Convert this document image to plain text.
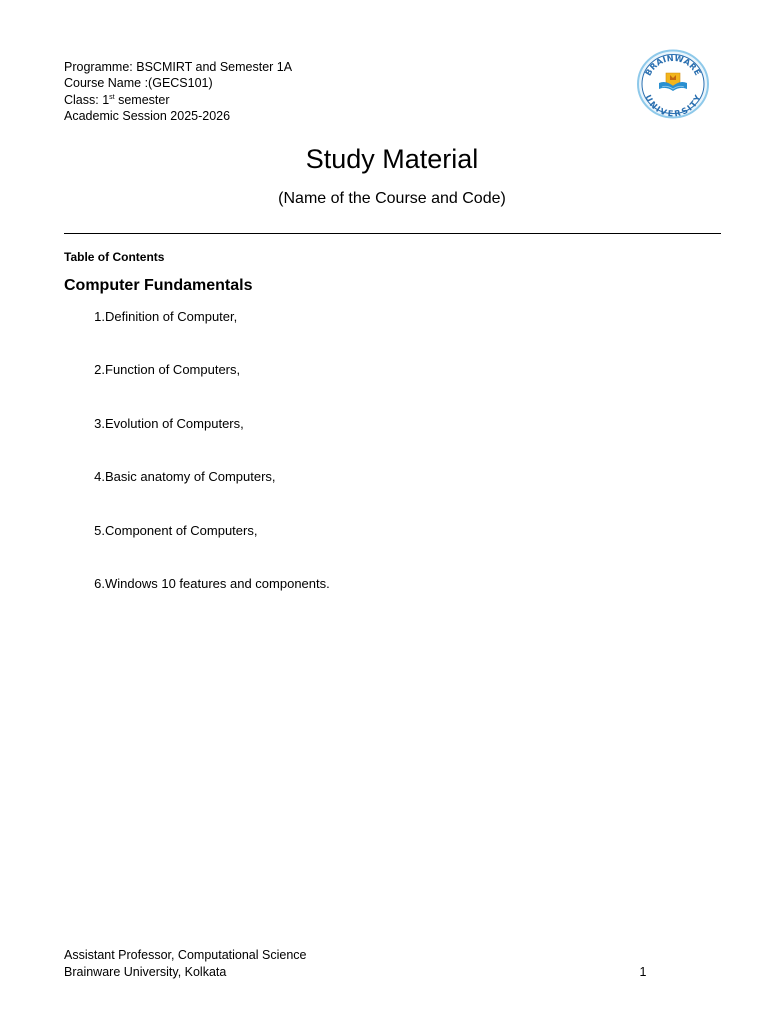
Programme: BSCMIRT and Semester 1A
Course Name :(GECS101)
Class: 1st semester
Academic Session 2025-2026
BRAINWARE
UNIVERSITY
Study Material
(Name of the Course and Code)
Table of Contents
Computer Fundamentals
1. Definition of Computer,
2. Function of Computers,
3. Evolution of Computers,
4. Basic anatomy of Computers,
5. Component of Computers,
6. Windows 10 features and components.
Assistant Professor, Computational Science
Brainware University, Kolkata	1
